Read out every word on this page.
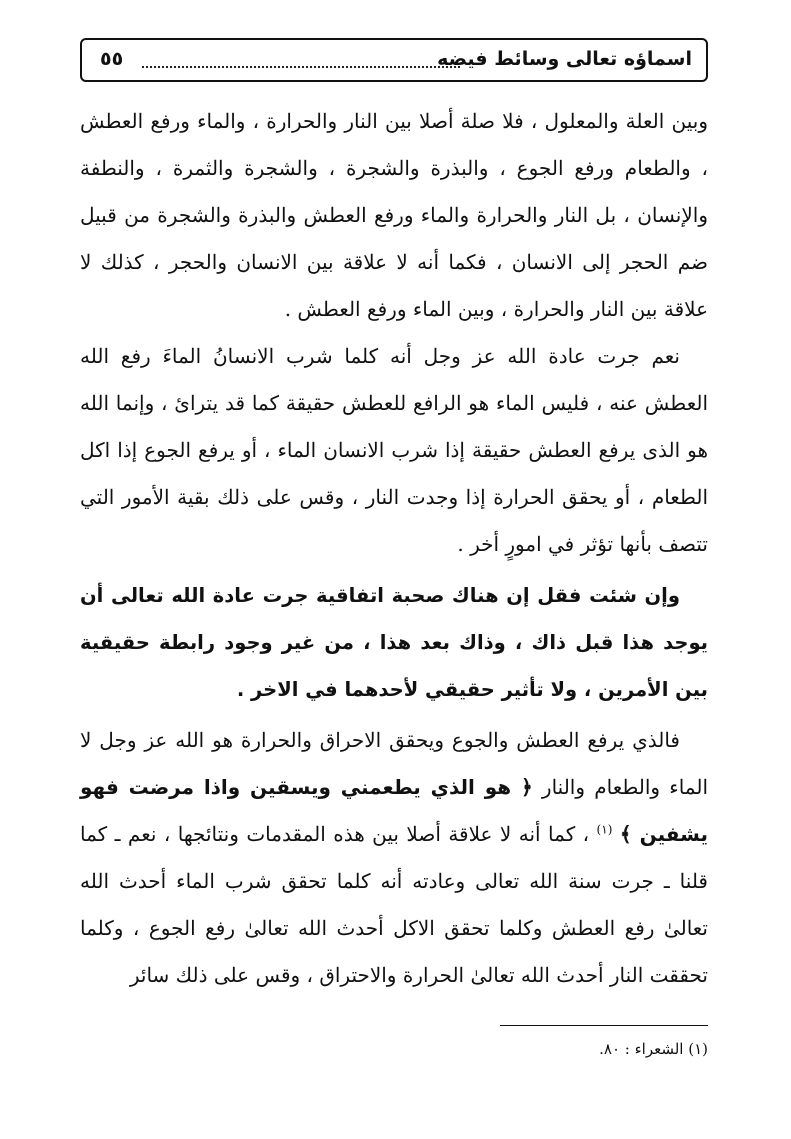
اسماؤه تعالى وسائط فيضه
٥٥

وبين العلة والمعلول ، فلا صلة أصلا بين النار والحرارة ، والماء ورفع العطش ، والطعام ورفع الجوع ، والبذرة والشجرة ، والشجرة والثمرة ، والنطفة والإنسان ، بل النار والحرارة والماء ورفع العطش والبذرة والشجرة من قبيل ضم الحجر إلى الانسان ، فكما أنه لا علاقة بين الانسان والحجر ، كذلك لا علاقة بين النار والحرارة ، وبين الماء ورفع العطش .

نعم جرت عادة الله عز وجل أنه كلما شرب الانسانُ الماءَ رفع الله العطش عنه ، فليس الماء هو الرافع للعطش حقيقة كما قد يترائ ، وإنما الله هو الذى يرفع العطش حقيقة إذا شرب الانسان الماء ، أو يرفع الجوع إذا اكل الطعام ، أو يحقق الحرارة إذا وجدت النار ، وقس على ذلك بقية الأمور التي تتصف بأنها تؤثر في امورٍ أخر .

وإن شئت فقل إن هناك صحبة اتفاقية جرت عادة الله تعالى أن يوجد هذا قبل ذاك ، وذاك بعد هذا ، من غير وجود رابطة حقيقية بين الأمرين ، ولا تأثير حقيقي لأحدهما في الاخر .

فالذي يرفع العطش والجوع ويحقق الاحراق والحرارة هو الله عز وجل لا الماء والطعام والنار ﴿ هو الذي يطعمني ويسقين واذا مرضت فهو يشفين ﴾ $^{(١)}$ ، كما أنه لا علاقة أصلا بين هذه المقدمات ونتائجها ، نعم ـ كما قلنا ـ جرت سنة الله تعالى وعادته أنه كلما تحقق شرب الماء أحدث الله تعالىٰ رفع العطش وكلما تحقق الاكل أحدث الله تعالىٰ رفع الجوع ، وكلما تحققت النار أحدث الله تعالىٰ الحرارة والاحتراق ، وقس على ذلك سائر

(١) الشعراء : ٨٠.
